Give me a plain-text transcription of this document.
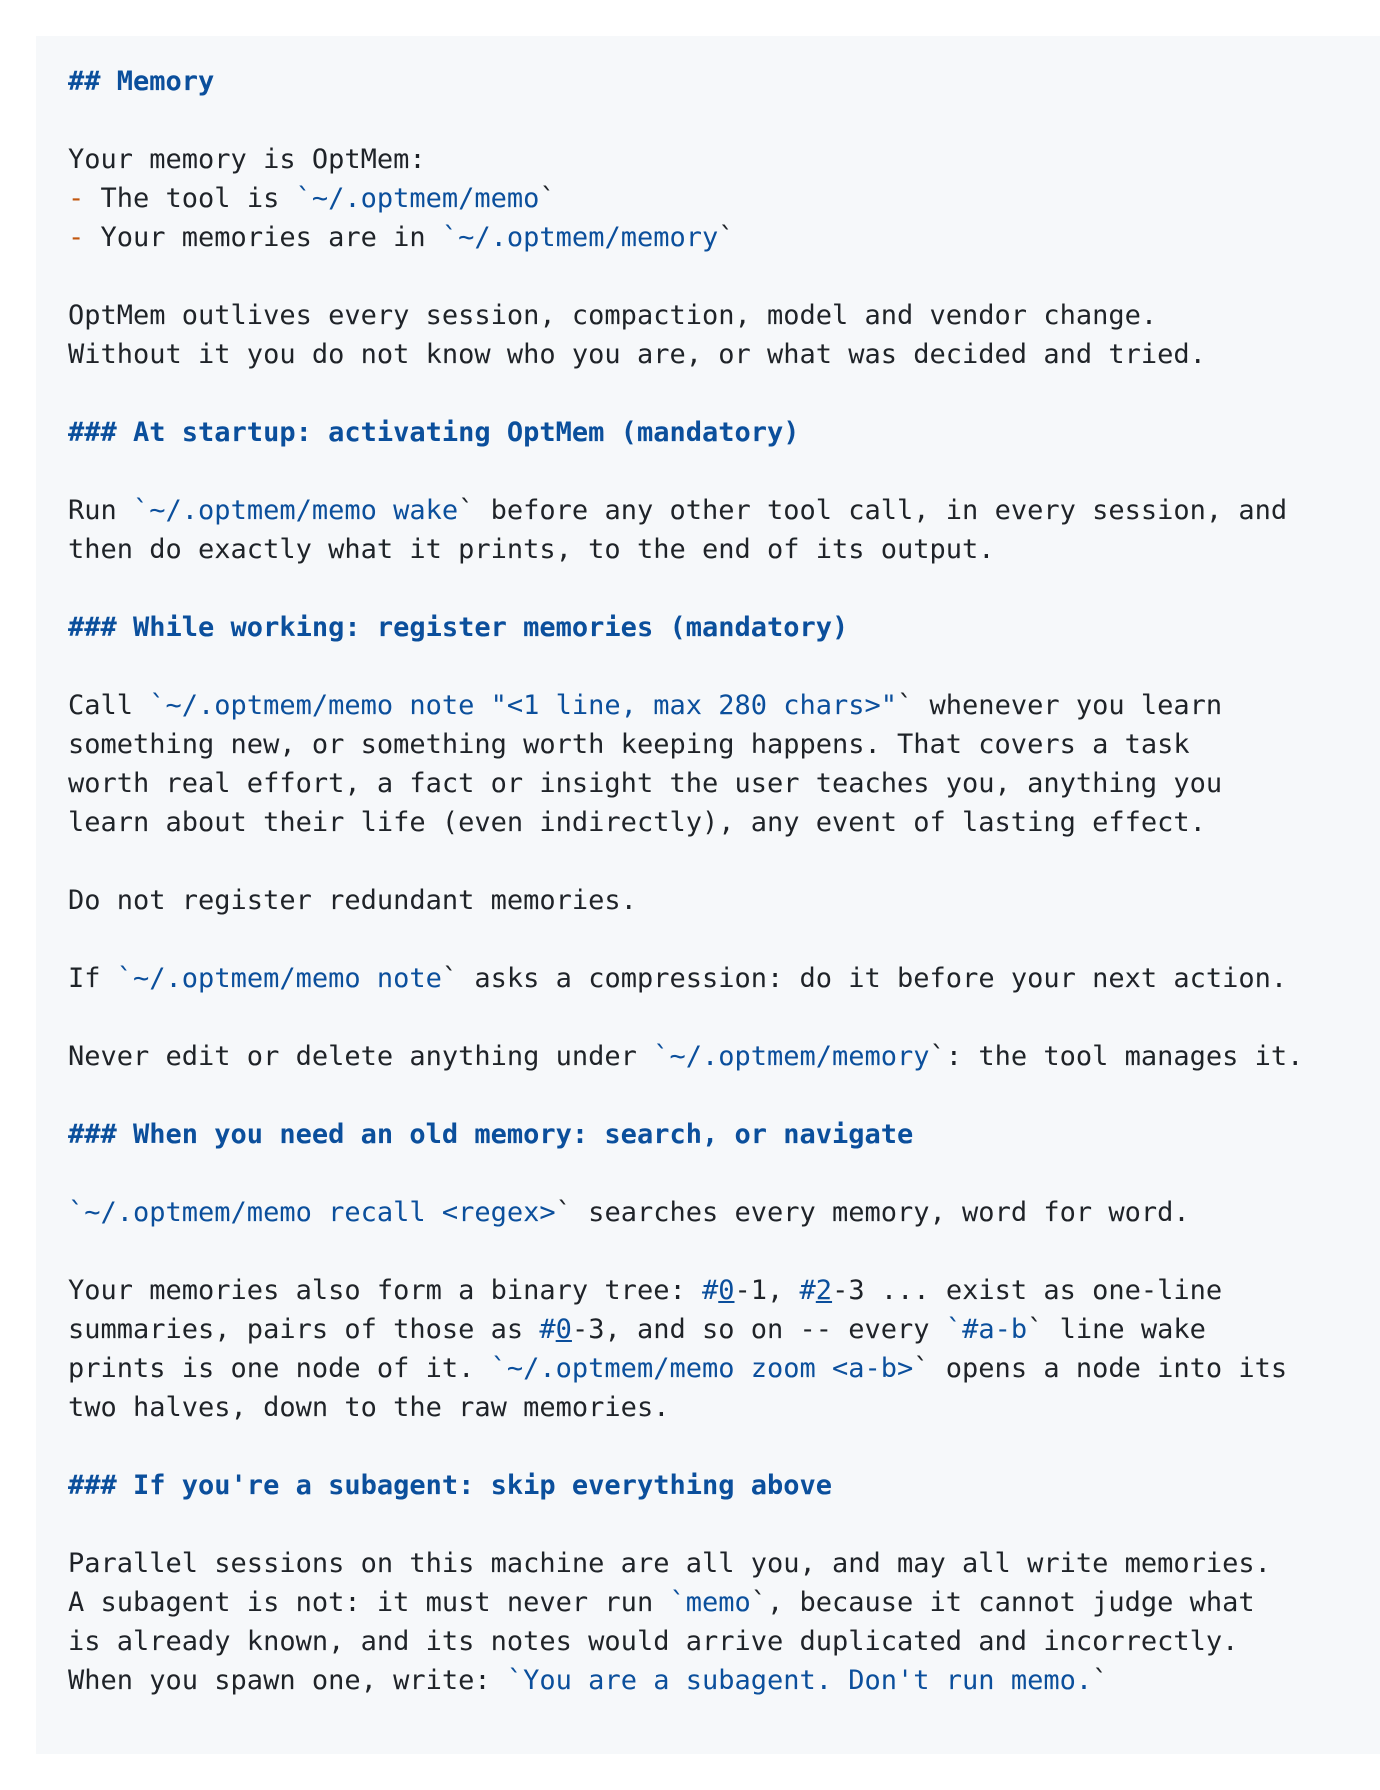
## Memory
Your memory is OptMem:
- The tool is `~/.optmem/memo`
- Your memories are in `~/.optmem/memory`
OptMem outlives every session, compaction, model and vendor change.
Without it you do not know who you are, or what was decided and tried.
### At startup: activating OptMem (mandatory)
Run `~/.optmem/memo wake` before any other tool call, in every session, and
then do exactly what it prints, to the end of its output.
### While working: register memories (mandatory)
Call `~/.optmem/memo note "<1 line, max 280 chars>"` whenever you learn
something new, or something worth keeping happens. That covers a task
worth real effort, a fact or insight the user teaches you, anything you
learn about their life (even indirectly), any event of lasting effect.
Do not register redundant memories.
If `~/.optmem/memo note` asks a compression: do it before your next action.
Never edit or delete anything under `~/.optmem/memory`: the tool manages it.
### When you need an old memory: search, or navigate
`~/.optmem/memo recall <regex>` searches every memory, word for word.
Your memories also form a binary tree: #0-1, #2-3 ... exist as one-line
summaries, pairs of those as #0-3, and so on -- every `#a-b` line wake
prints is one node of it. `~/.optmem/memo zoom <a-b>` opens a node into its
two halves, down to the raw memories.
### If you're a subagent: skip everything above
Parallel sessions on this machine are all you, and may all write memories.
A subagent is not: it must never run `memo`, because it cannot judge what
is already known, and its notes would arrive duplicated and incorrectly.
When you spawn one, write: `You are a subagent. Don't run memo.`
